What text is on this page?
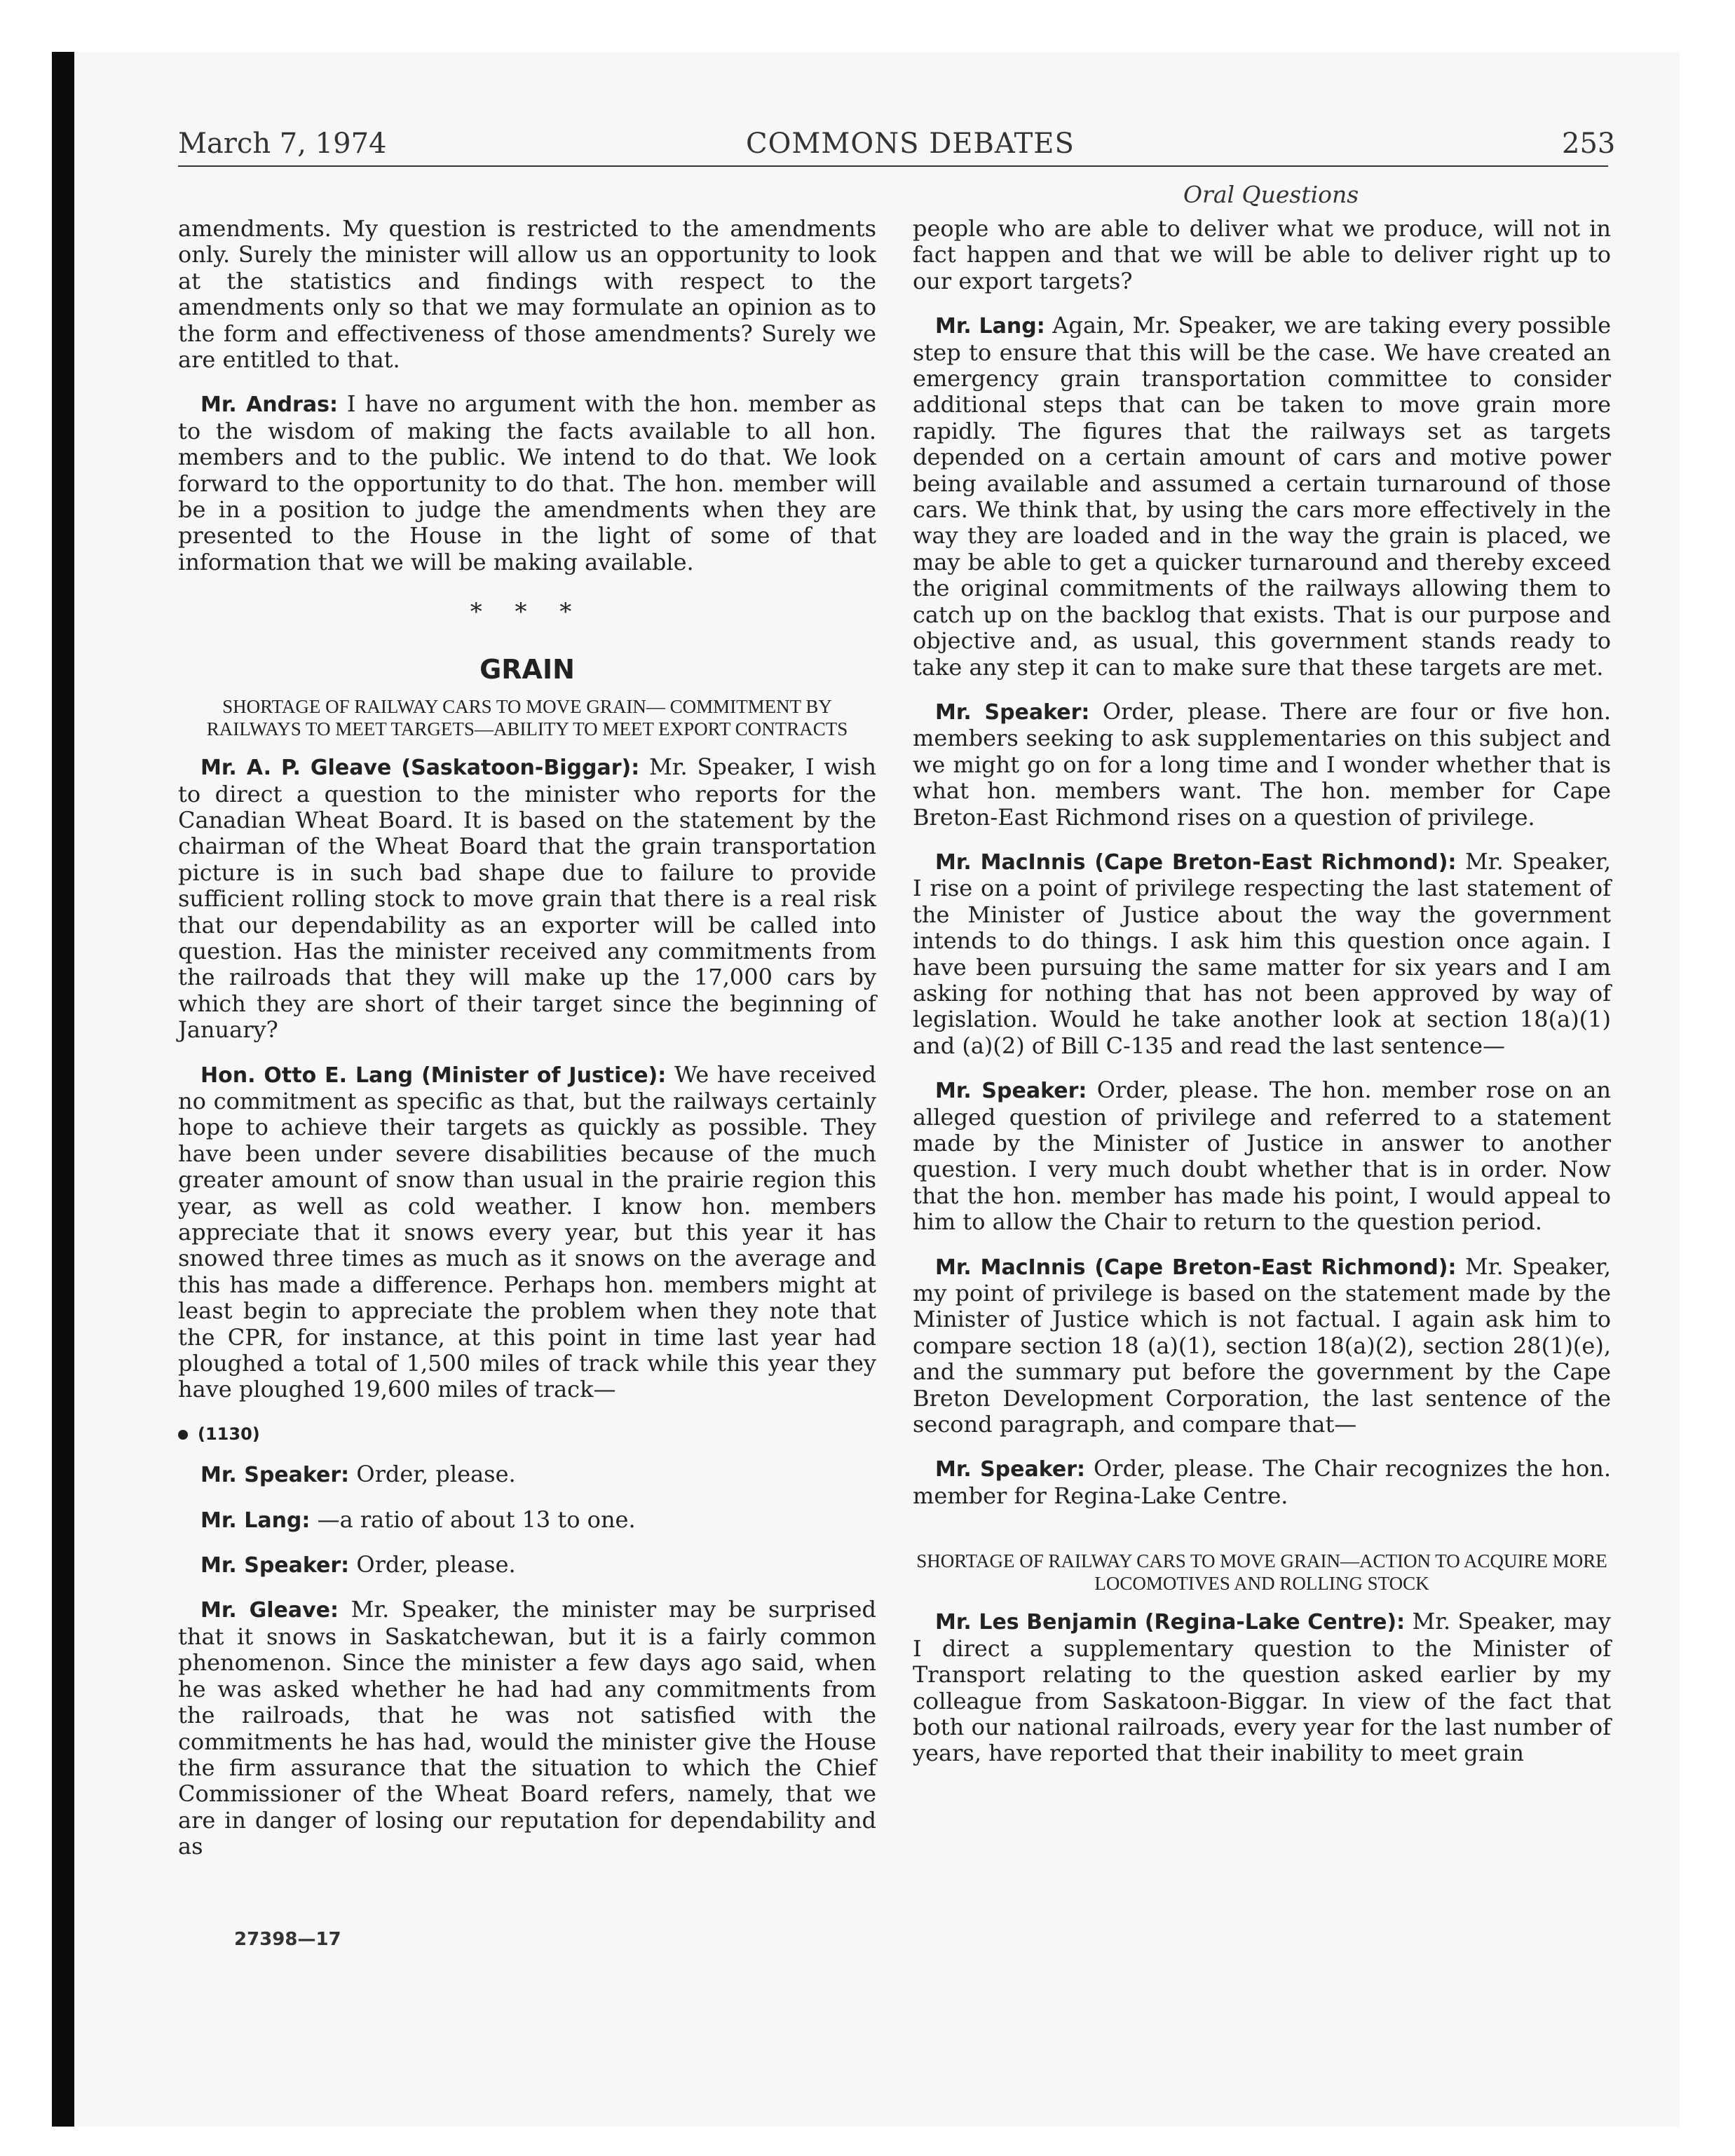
March 7, 1974	COMMONS DEBATES	253
Oral Questions

amendments. My question is restricted to the amendments only. Surely the minister will allow us an opportunity to look at the statistics and findings with respect to the amendments only so that we may formulate an opinion as to the form and effectiveness of those amendments? Surely we are entitled to that.

Mr. Andras: I have no argument with the hon. member as to the wisdom of making the facts available to all hon. members and to the public. We intend to do that. We look forward to the opportunity to do that. The hon. member will be in a position to judge the amendments when they are presented to the House in the light of some of that information that we will be making available.

* * *
GRAIN
SHORTAGE OF RAILWAY CARS TO MOVE GRAIN— COMMITMENT BY RAILWAYS TO MEET TARGETS—ABILITY TO MEET EXPORT CONTRACTS

Mr. A. P. Gleave (Saskatoon-Biggar): Mr. Speaker, I wish to direct a question to the minister who reports for the Canadian Wheat Board. It is based on the statement by the chairman of the Wheat Board that the grain transportation picture is in such bad shape due to failure to provide sufficient rolling stock to move grain that there is a real risk that our dependability as an exporter will be called into question. Has the minister received any commitments from the railroads that they will make up the 17,000 cars by which they are short of their target since the beginning of January?

Hon. Otto E. Lang (Minister of Justice): We have received no commitment as specific as that, but the railways certainly hope to achieve their targets as quickly as possible. They have been under severe disabilities because of the much greater amount of snow than usual in the prairie region this year, as well as cold weather. I know hon. members appreciate that it snows every year, but this year it has snowed three times as much as it snows on the average and this has made a difference. Perhaps hon. members might at least begin to appreciate the problem when they note that the CPR, for instance, at this point in time last year had ploughed a total of 1,500 miles of track while this year they have ploughed 19,600 miles of track—

(1130)

Mr. Speaker: Order, please.

Mr. Lang: —a ratio of about 13 to one.

Mr. Speaker: Order, please.

Mr. Gleave: Mr. Speaker, the minister may be surprised that it snows in Saskatchewan, but it is a fairly common phenomenon. Since the minister a few days ago said, when he was asked whether he had had any commitments from the railroads, that he was not satisfied with the commitments he has had, would the minister give the House the firm assurance that the situation to which the Chief Commissioner of the Wheat Board refers, namely, that we are in danger of losing our reputation for dependability and as

people who are able to deliver what we produce, will not in fact happen and that we will be able to deliver right up to our export targets?

Mr. Lang: Again, Mr. Speaker, we are taking every possible step to ensure that this will be the case. We have created an emergency grain transportation committee to consider additional steps that can be taken to move grain more rapidly. The figures that the railways set as targets depended on a certain amount of cars and motive power being available and assumed a certain turnaround of those cars. We think that, by using the cars more effectively in the way they are loaded and in the way the grain is placed, we may be able to get a quicker turnaround and thereby exceed the original commitments of the railways allowing them to catch up on the backlog that exists. That is our purpose and objective and, as usual, this government stands ready to take any step it can to make sure that these targets are met.

Mr. Speaker: Order, please. There are four or five hon. members seeking to ask supplementaries on this subject and we might go on for a long time and I wonder whether that is what hon. members want. The hon. member for Cape Breton-East Richmond rises on a question of privilege.

Mr. MacInnis (Cape Breton-East Richmond): Mr. Speaker, I rise on a point of privilege respecting the last statement of the Minister of Justice about the way the government intends to do things. I ask him this question once again. I have been pursuing the same matter for six years and I am asking for nothing that has not been approved by way of legislation. Would he take another look at section 18(a)(1) and (a)(2) of Bill C-135 and read the last sentence—

Mr. Speaker: Order, please. The hon. member rose on an alleged question of privilege and referred to a statement made by the Minister of Justice in answer to another question. I very much doubt whether that is in order. Now that the hon. member has made his point, I would appeal to him to allow the Chair to return to the question period.

Mr. MacInnis (Cape Breton-East Richmond): Mr. Speaker, my point of privilege is based on the statement made by the Minister of Justice which is not factual. I again ask him to compare section 18 (a)(1), section 18(a)(2), section 28(1)(e), and the summary put before the government by the Cape Breton Development Corporation, the last sentence of the second paragraph, and compare that—

Mr. Speaker: Order, please. The Chair recognizes the hon. member for Regina-Lake Centre.

SHORTAGE OF RAILWAY CARS TO MOVE GRAIN—ACTION TO ACQUIRE MORE LOCOMOTIVES AND ROLLING STOCK

Mr. Les Benjamin (Regina-Lake Centre): Mr. Speaker, may I direct a supplementary question to the Minister of Transport relating to the question asked earlier by my colleague from Saskatoon-Biggar. In view of the fact that both our national railroads, every year for the last number of years, have reported that their inability to meet grain

27398—17
